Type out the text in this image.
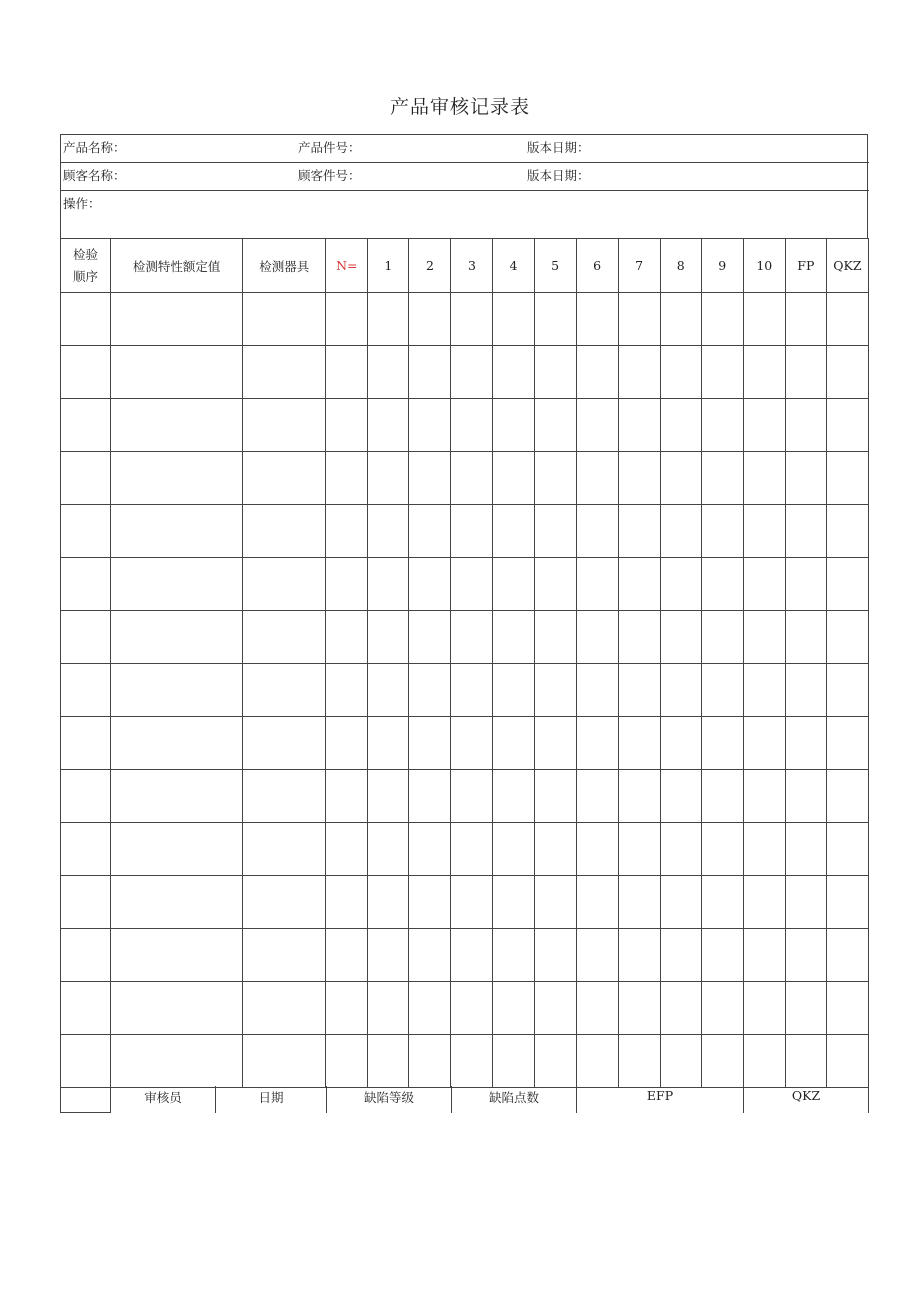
产品审核记录表
产品名称：	产品件号：	版本日期：
顾客名称：	顾客件号：	版本日期：
操作：
检验
顺序	检测特性额定值	检测器具	N=	1	2	3	4	5	6	7	8	9	10	FP	QKZ

审核员	日期	缺陷等级	缺陷点数	EFP	QKZ
